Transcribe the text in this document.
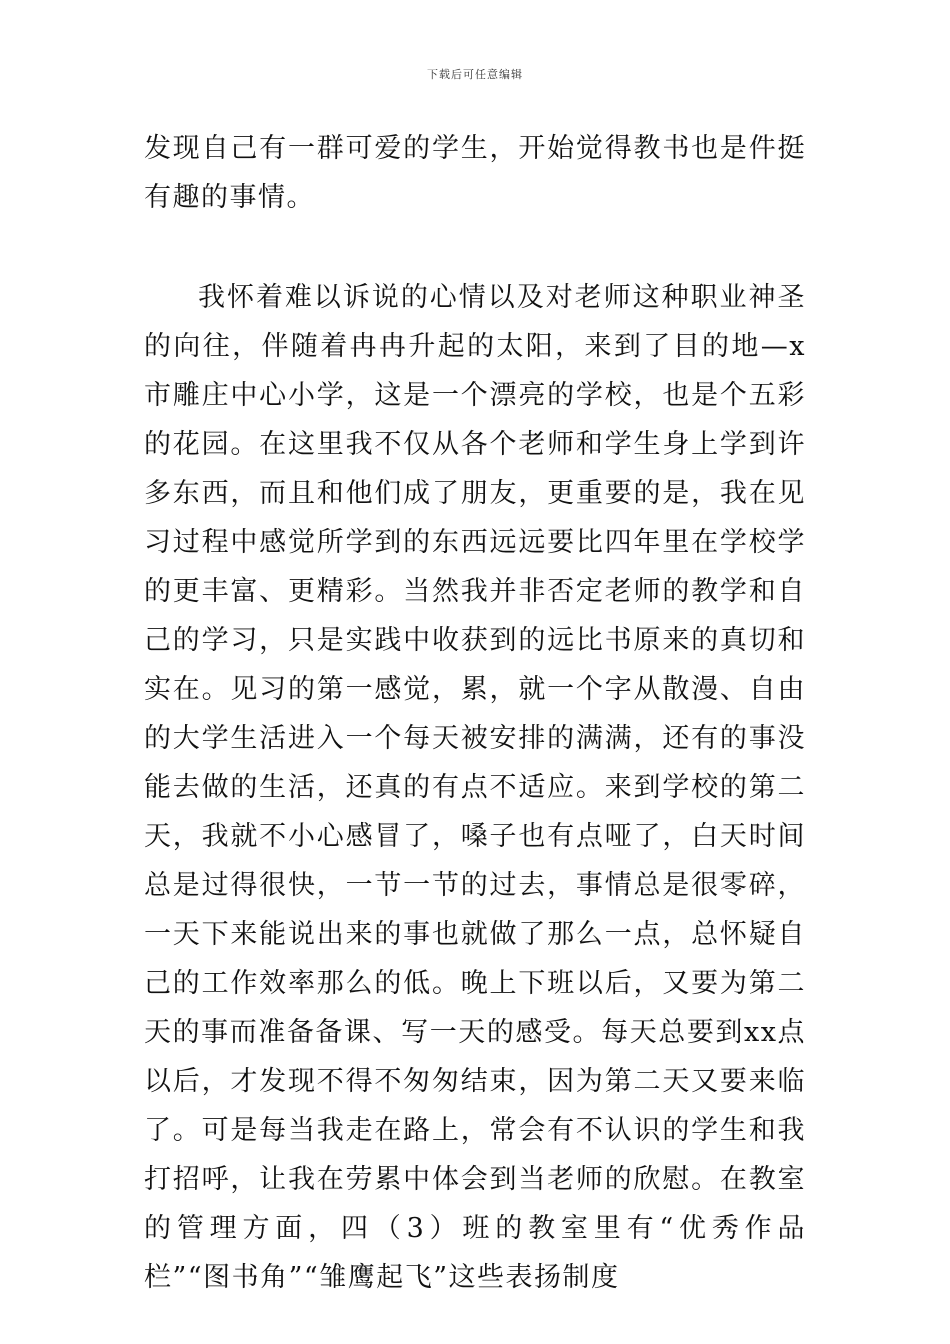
下载后可任意编辑

发现自己有一群可爱的学生，开始觉得教书也是件挺有趣的事情。

我怀着难以诉说的心情以及对老师这种职业神圣的向往，伴随着冉冉升起的太阳，来到了目的地—x市雕庄中心小学，这是一个漂亮的学校，也是个五彩的花园。在这里我不仅从各个老师和学生身上学到许多东西，而且和他们成了朋友，更重要的是，我在见习过程中感觉所学到的东西远远要比四年里在学校学的更丰富、更精彩。当然我并非否定老师的教学和自己的学习，只是实践中收获到的远比书原来的真切和实在。见习的第一感觉，累，就一个字从散漫、自由的大学生活进入一个每天被安排的满满，还有的事没能去做的生活，还真的有点不适应。来到学校的第二天，我就不小心感冒了，嗓子也有点哑了，白天时间总是过得很快，一节一节的过去，事情总是很零碎，一天下来能说出来的事也就做了那么一点，总怀疑自己的工作效率那么的低。晚上下班以后，又要为第二天的事而准备备课、写一天的感受。每天总要到xx点以后，才发现不得不匆匆结束，因为第二天又要来临了。可是每当我走在路上，常会有不认识的学生和我打招呼，让我在劳累中体会到当老师的欣慰。在教室的管理方面，四（3）班的教室里有“优秀作品栏”“图书角”“雏鹰起飞”这些表扬制度
